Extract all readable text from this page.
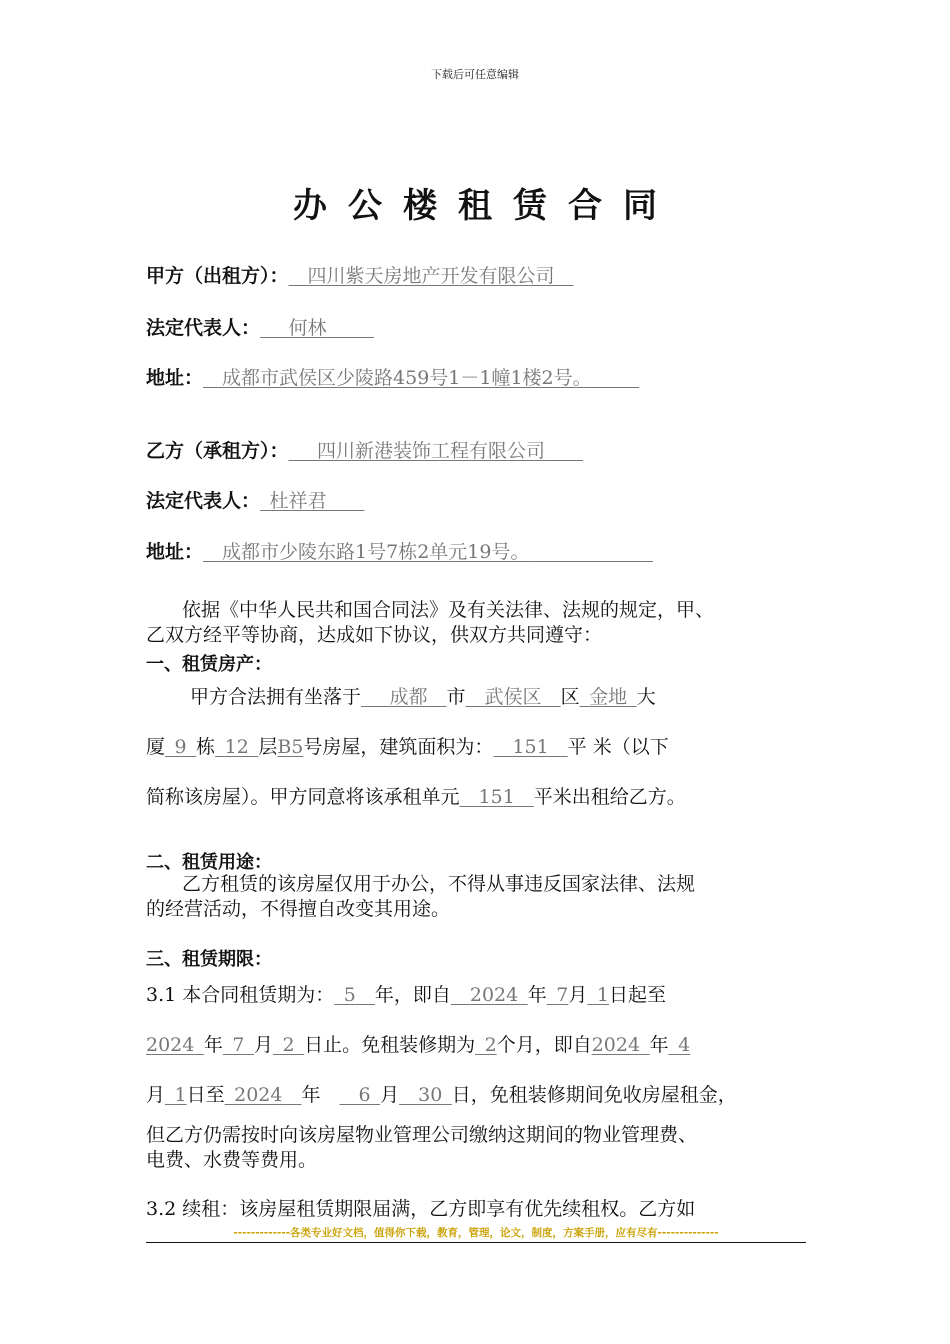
下载后可任意编辑
办公楼租赁合同
甲方（出租方）：  四川紫天房地产开发有限公司  
法定代表人：   何林   
地址：   成都市武侯区少陵路459号1－1幢1楼2号。   
乙方（承租方）：   四川新港装饰工程有限公司  
法定代表人：  杜祥君   
地址：   成都市少陵东路1号7栋2单元19号。       
依据《中华人民共和国合同法》及有关法律、法规的规定，甲、
乙双方经平等协商，达成如下协议，供双方共同遵守：
一、租赁房产：
甲方合法拥有坐落于   成都  市  武侯区  区  金地  大
厦  9  栋  12  层B5号房屋，建筑面积为：   151  平 米（以下
简称该房屋）。甲方同意将该承租单元  151  平米出租给乙方。
二、租赁用途：
乙方租赁的该房屋仅用于办公，不得从事违反国家法律、法规
的经营活动，不得擅自改变其用途。
三、租赁期限：
3.1 本合同租赁期为：  5  年，即自  2024  年  7月  1日起至
2024  年  7  月  2  日止。免租装修期为  2个月，即自2024  年  4
月  1日至  2024  年    6  月  30  日，免租装修期间免收房屋租金，
但乙方仍需按时向该房屋物业管理公司缴纳这期间的物业管理费、
电费、水费等费用。
3.2 续租：该房屋租赁期限届满，乙方即享有优先续租权。乙方如
-------------各类专业好文档，值得你下载，教育，管理，论文，制度，方案手册，应有尽有--------------
